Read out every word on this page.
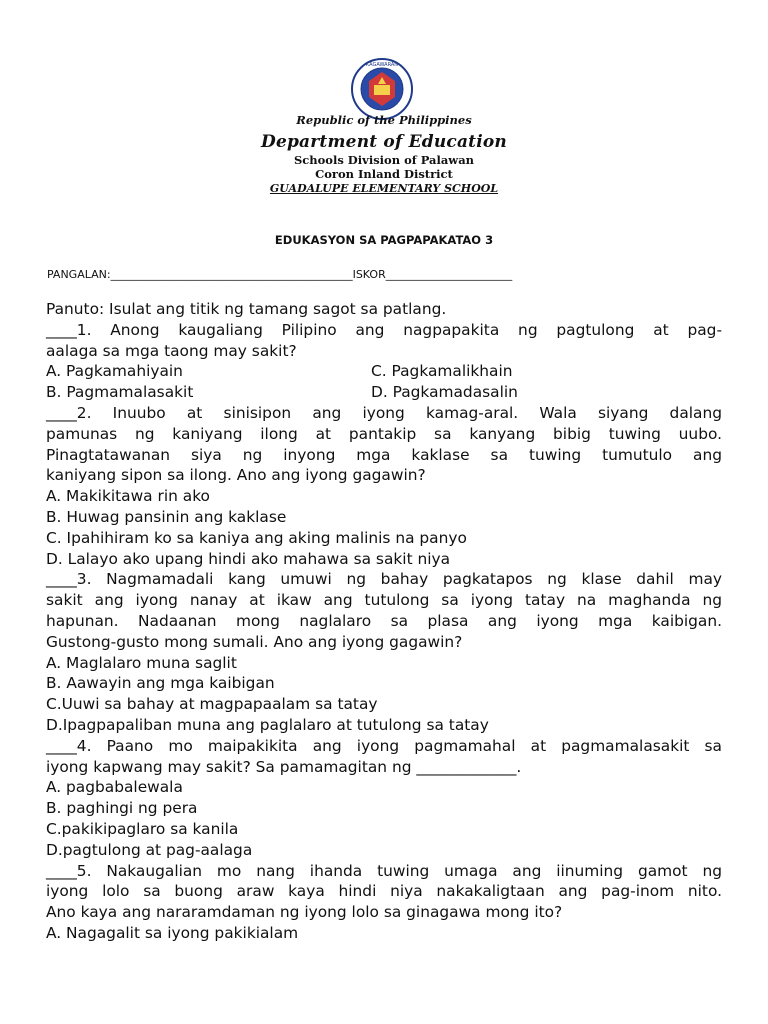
KAGAWARAN
Republic of the Philippines
Department of Education
Schools Division of Palawan
Coron Inland District
GUADALUPE ELEMENTARY SCHOOL
EDUKASYON SA PAGPAPAKATAO 3
PANGALAN:____________________________________________ISKOR_______________________

Panuto: Isulat ang titik ng tamang sagot sa patlang.

____1. Anong kaugaliang Pilipino ang nagpapakita ng pagtulong at pag-

aalaga sa mga taong may sakit?

A. Pagkamahiyain	C. Pagkamalikhain
B. Pagmamalasakit	D. Pagkamadasalin

____2. Inuubo at sinisipon ang iyong kamag-aral. Wala siyang dalang

pamunas ng kaniyang ilong at pantakip sa kanyang bibig tuwing uubo.

Pinagtatawanan siya ng inyong mga kaklase sa tuwing tumutulo ang

kaniyang sipon sa ilong. Ano ang iyong gagawin?

A. Makikitawa rin ako

B. Huwag pansinin ang kaklase

C. Ipahihiram ko sa kaniya ang aking malinis na panyo

D. Lalayo ako upang hindi ako mahawa sa sakit niya

____3. Nagmamadali kang umuwi ng bahay pagkatapos ng klase dahil may

sakit ang iyong nanay at ikaw ang tutulong sa iyong tatay na maghanda ng

hapunan. Nadaanan mong naglalaro sa plasa ang iyong mga kaibigan.

Gustong-gusto mong sumali. Ano ang iyong gagawin?

A. Maglalaro muna saglit

B. Aawayin ang mga kaibigan

C.Uuwi sa bahay at magpapaalam sa tatay

D.Ipagpapaliban muna ang paglalaro at tutulong sa tatay

____4. Paano mo maipakikita ang iyong pagmamahal at pagmamalasakit sa

iyong kapwang may sakit? Sa pamamagitan ng _____________.

A. pagbabalewala

B. paghingi ng pera

C.pakikipaglaro sa kanila

D.pagtulong at pag-aalaga

____5. Nakaugalian mo nang ihanda tuwing umaga ang iinuming gamot ng

iyong lolo sa buong araw kaya hindi niya nakakaligtaan ang pag-inom nito.

Ano kaya ang nararamdaman ng iyong lolo sa ginagawa mong ito?

A. Nagagalit sa iyong pakikialam
